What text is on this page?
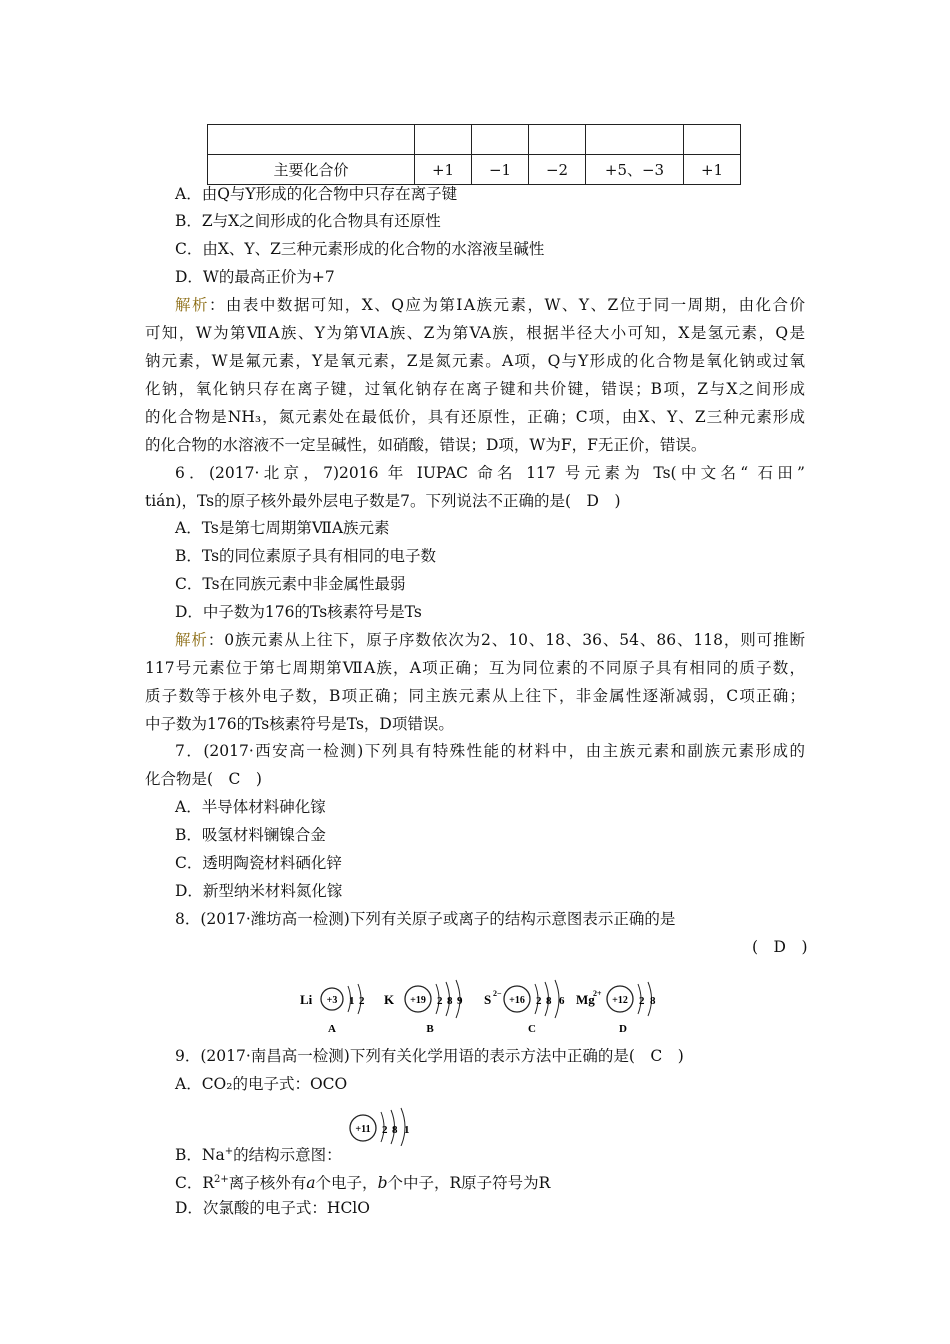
主要化合价	+1	−1	−2	+5、−3	+1
A．由Q与Y形成的化合物中只存在离子键
B．Z与X之间形成的化合物具有还原性
C．由X、Y、Z三种元素形成的化合物的水溶液呈碱性
D．W的最高正价为+7
解析：由表中数据可知，X、Q应为第ⅠA族元素，W、Y、Z位于同一周期，由化合价
可知，W为第ⅦA族、Y为第ⅥA族、Z为第VA族，根据半径大小可知，X是氢元素，Q是
钠元素，W是氟元素，Y是氧元素，Z是氮元素。A项，Q与Y形成的化合物是氧化钠或过氧
化钠，氧化钠只存在离子键，过氧化钠存在离子键和共价键，错误；B项，Z与X之间形成
的化合物是NH₃，氮元素处在最低价，具有还原性，正确；C项，由X、Y、Z三种元素形成
的化合物的水溶液不一定呈碱性，如硝酸，错误；D项，W为F，F无正价，错误。
6．(2017·北京，7)2016 年 IUPAC 命名 117 号元素为 Ts(中文名“ 石田”
tián)，Ts的原子核外最外层电子数是7。下列说法不正确的是(　D　)
A．Ts是第七周期第ⅦA族元素
B．Ts的同位素原子具有相同的电子数
C．Ts在同族元素中非金属性最弱
D．中子数为176的Ts核素符号是Ts
解析：0族元素从上往下，原子序数依次为2、10、18、36、54、86、118，则可推断
117号元素位于第七周期第ⅦA族，A项正确；互为同位素的不同原子具有相同的质子数，
质子数等于核外电子数，B项正确；同主族元素从上往下，非金属性逐渐减弱，C项正确；
中子数为176的Ts核素符号是Ts，D项错误。
7．(2017·西安高一检测)下列具有特殊性能的材料中，由主族元素和副族元素形成的
化合物是(　C　)
A．半导体材料砷化镓
B．吸氢材料镧镍合金
C．透明陶瓷材料硒化锌
D．新型纳米材料氮化镓
8．(2017·潍坊高一检测)下列有关原子或离子的结构示意图表示正确的是
(　D　)
Li +3 1 2
A
K +19 2 8 9
B
S 2−
+16 2 8 6
C
Mg
2+
+12 2 8
D
9．(2017·南昌高一检测)下列有关化学用语的表示方法中正确的是(　C　)
A．CO₂的电子式：OCO
+11 2 8 1
B．Na+的结构示意图：
C．$R^{2+}$离子核外有a个电子，b个中子，R原子符号为R
D．次氯酸的电子式：HClO
